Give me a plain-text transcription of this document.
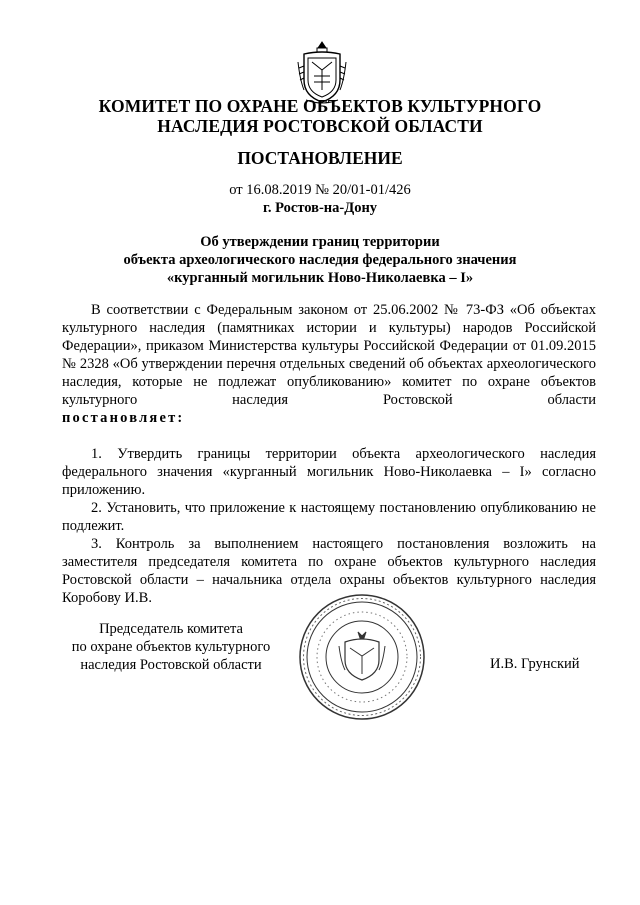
КОМИТЕТ ПО ОХРАНЕ ОБЪЕКТОВ КУЛЬТУРНОГО
НАСЛЕДИЯ РОСТОВСКОЙ ОБЛАСТИ
ПОСТАНОВЛЕНИЕ
от 16.08.2019 № 20/01-01/426
г. Ростов-на-Дону
Об утверждении границ территории
объекта археологического наследия федерального значения
«курганный могильник Ново-Николаевка – I»

В соответствии с Федеральным законом от 25.06.2002 № 73-ФЗ «Об объектах культурного наследия (памятниках истории и культуры) народов Российской Федерации», приказом Министерства культуры Российской Федерации от 01.09.2015 № 2328 «Об утверждении перечня отдельных сведений об объектах археологического наследия, которые не подлежат опубликованию» комитет по охране объектов культурного наследия Ростовской области

постановляет:

1. Утвердить границы территории объекта археологического наследия федерального значения «курганный могильник Ново-Николаевка – I» согласно приложению.

2. Установить, что приложение к настоящему постановлению опубликованию не подлежит.

3. Контроль за выполнением настоящего постановления возложить на заместителя председателя комитета по охране объектов культурного наследия Ростовской области – начальника отдела охраны объектов культурного наследия Коробову И.В.

Председатель комитета
по охране объектов культурного
наследия Ростовской области	И.В. Грунский
